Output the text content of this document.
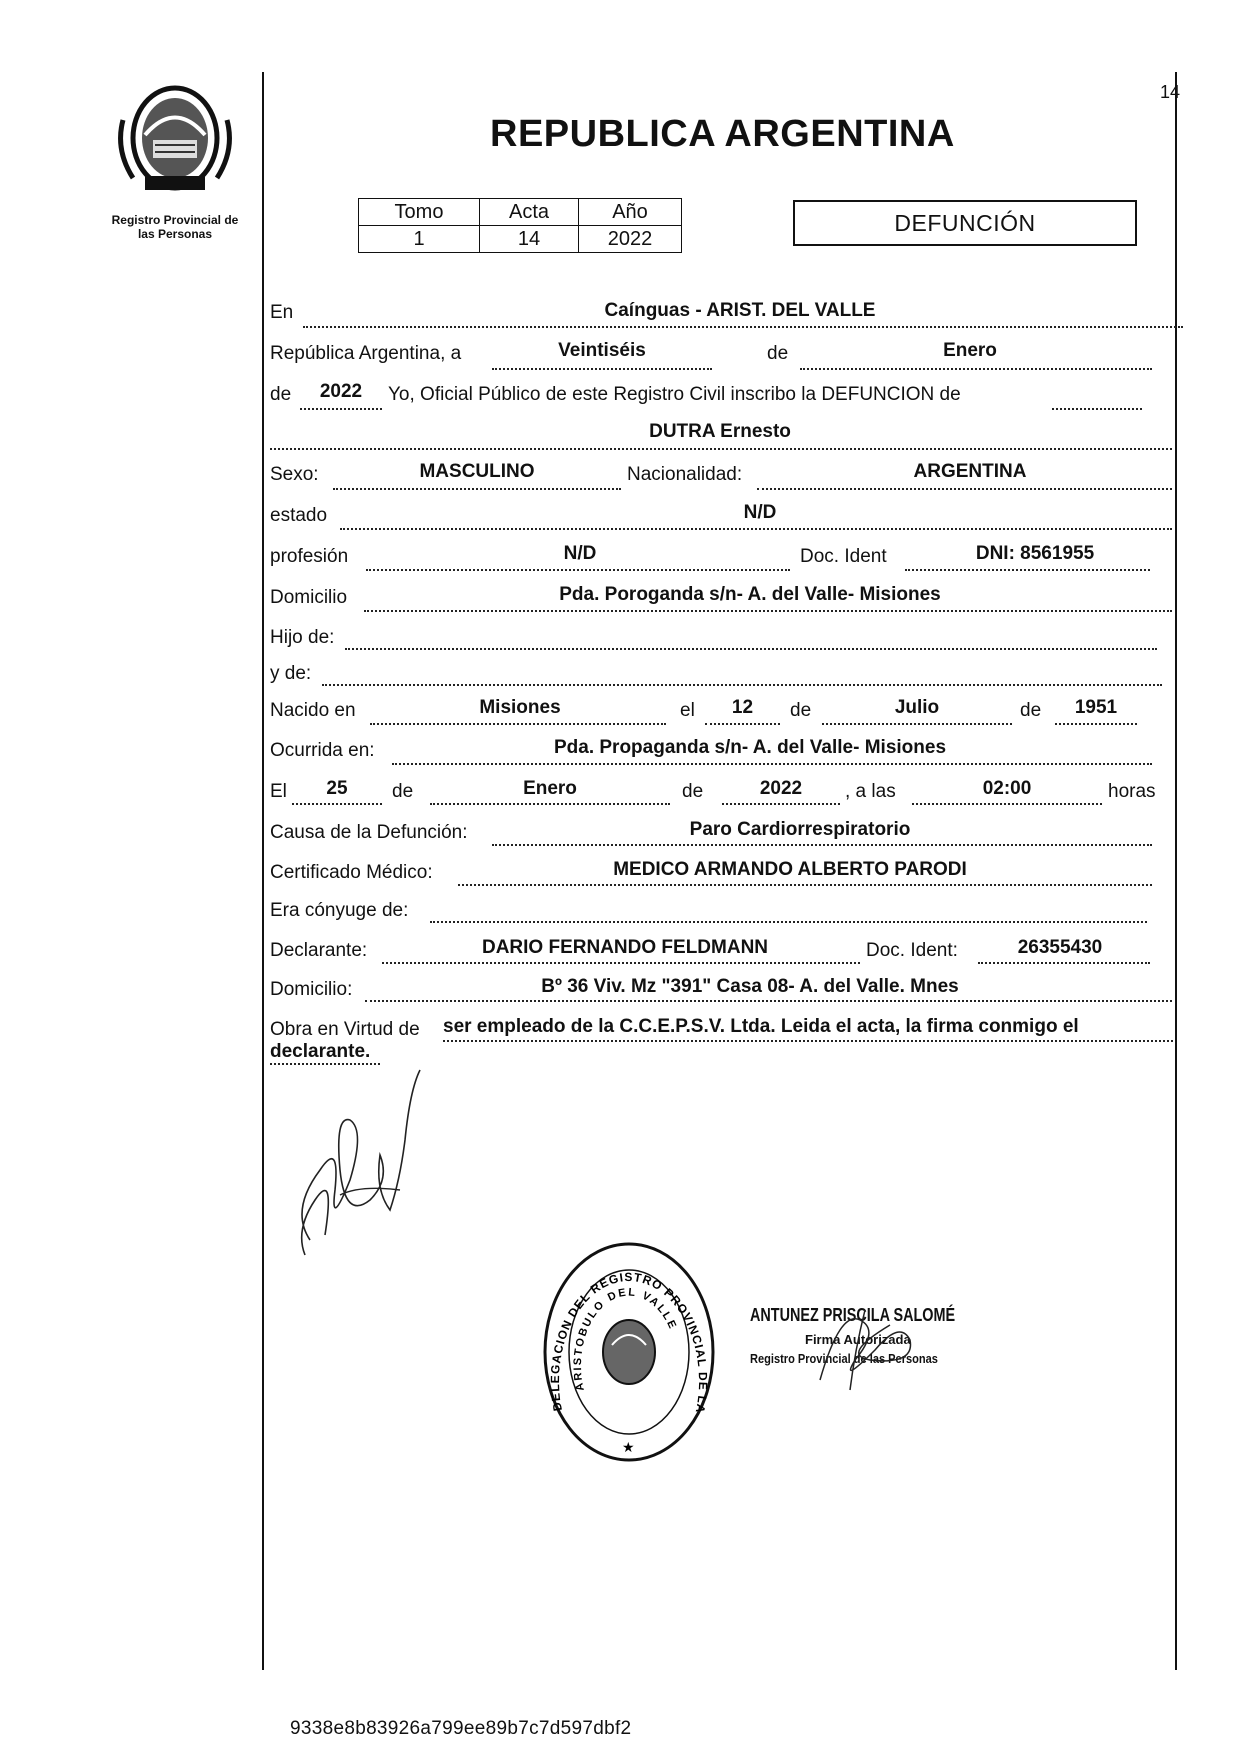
14
Registro Provincial de
las Personas
REPUBLICA ARGENTINA
Tomo	Acta	Año
1	14	2022
DEFUNCIÓN
En	Caínguas - ARIST. DEL VALLE
República Argentina, a	Veintiséis	de	Enero
de	2022	Yo, Oficial Público de este Registro Civil inscribo la DEFUNCION de
DUTRA Ernesto
Sexo:	MASCULINO	Nacionalidad:	ARGENTINA
estado	N/D
profesión	N/D	Doc. Ident	DNI: 8561955
Domicilio	Pda. Poroganda s/n- A. del Valle- Misiones
Hijo de:
y de:
Nacido en	Misiones	el	12	de	Julio	de	1951
Ocurrida en:	Pda. Propaganda s/n- A. del Valle- Misiones
El	25	de	Enero	de	2022	, a las	02:00	horas
Causa de la Defunción:	Paro Cardiorrespiratorio
Certificado Médico:	MEDICO ARMANDO ALBERTO PARODI
Era cónyuge de:
Declarante:	DARIO FERNANDO FELDMANN	Doc. Ident:	26355430
Domicilio:	Bº 36 Viv. Mz "391" Casa 08- A. del Valle. Mnes
Obra en Virtud de ser empleado de la C.C.E.P.S.V. Ltda. Leida el acta, la firma conmigo el
declarante.
DELEGACION DEL REGISTRO PROVINCIAL DE LA
ARISTOBULO DEL VALLE
★
ANTUNEZ PRISCILA SALOMÉ
Firma Autorizada
Registro Provincial de las Personas
9338e8b83926a799ee89b7c7d597dbf2
